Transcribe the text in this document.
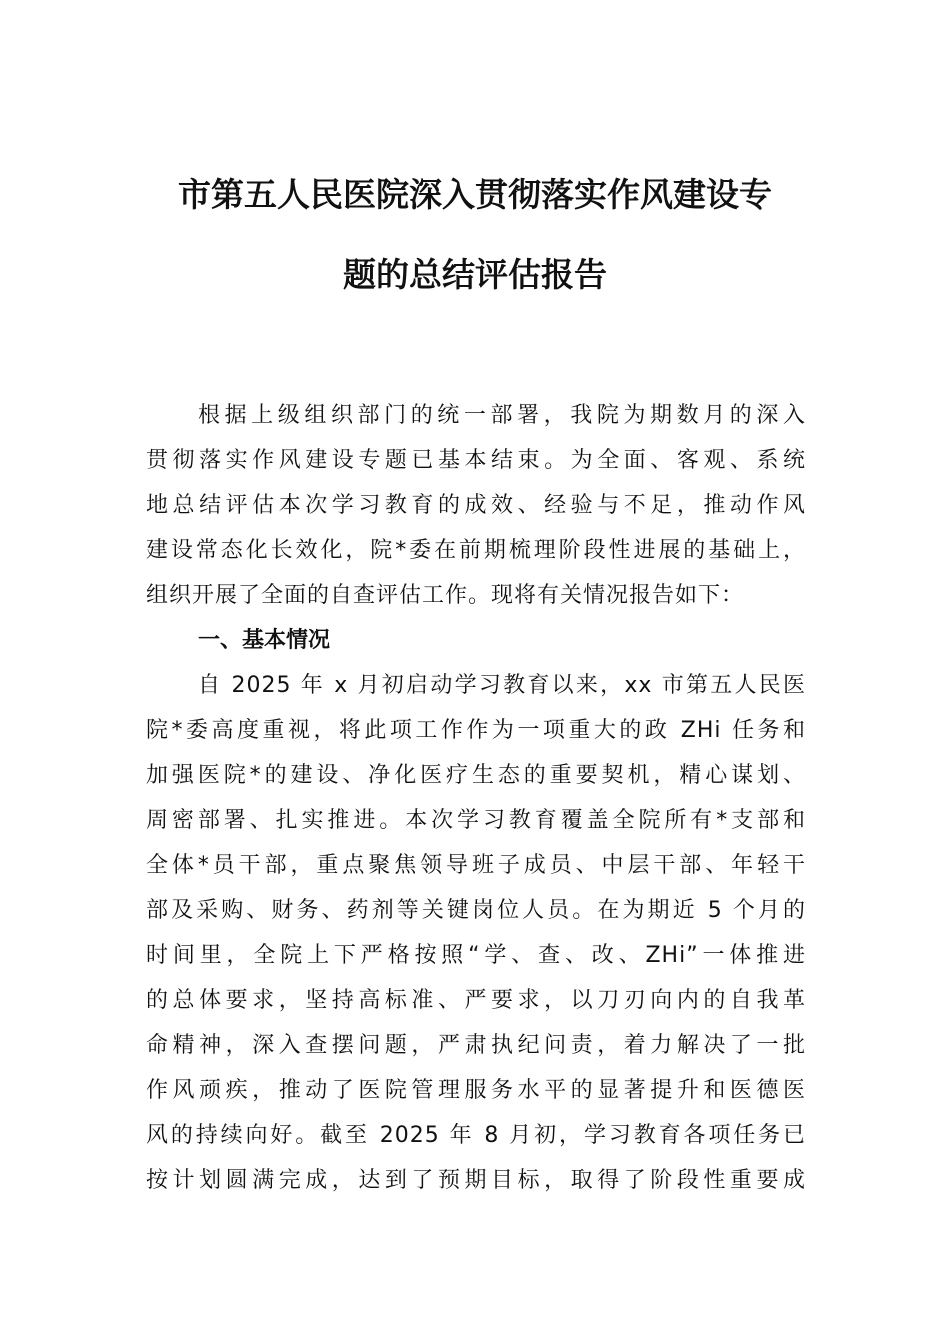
市第五人民医院深入贯彻落实作风建设专
题的总结评估报告
根据上级组织部门的统一部署，我院为期数月的深入
贯彻落实作风建设专题已基本结束。为全面、客观、系统
地总结评估本次学习教育的成效、经验与不足，推动作风
建设常态化长效化，院*委在前期梳理阶段性进展的基础上，
组织开展了全面的自查评估工作。现将有关情况报告如下：
一、基本情况
自 2025 年 x 月初启动学习教育以来，xx 市第五人民医
院*委高度重视，将此项工作作为一项重大的政 ZHi 任务和
加强医院*的建设、净化医疗生态的重要契机，精心谋划、
周密部署、扎实推进。本次学习教育覆盖全院所有*支部和
全体*员干部，重点聚焦领导班子成员、中层干部、年轻干
部及采购、财务、药剂等关键岗位人员。在为期近 5 个月的
时间里，全院上下严格按照“学、查、改、ZHi”一体推进
的总体要求，坚持高标准、严要求，以刀刃向内的自我革
命精神，深入查摆问题，严肃执纪问责，着力解决了一批
作风顽疾，推动了医院管理服务水平的显著提升和医德医
风的持续向好。截至 2025 年 8 月初，学习教育各项任务已
按计划圆满完成，达到了预期目标，取得了阶段性重要成
